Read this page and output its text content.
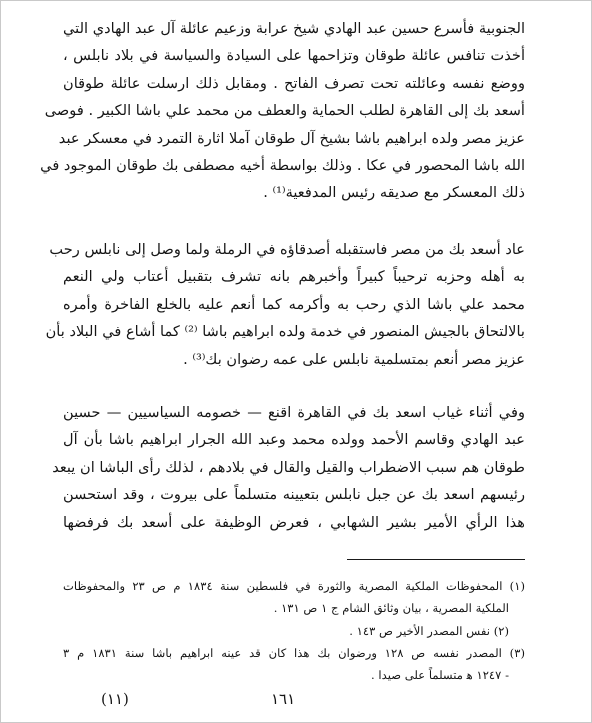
الجنوبية فأسرع حسين عبد الهادي شيخ عرابة وزعيم عائلة آل عبد الهادي التي
أخذت تنافس عائلة طوقان وتزاحمها على السيادة والسياسة في بلاد نابلس ،
ووضع نفسه وعائلته تحت تصرف الفاتح . ومقابل ذلك ارسلت عائلة طوقان
أسعد بك إلى القاهرة لطلب الحماية والعطف من محمد علي باشا الكبير . فوصى
عزيز مصر ولده ابراهيم باشا بشيخ آل طوقان آملا اثارة التمرد في معسكر عبد
الله باشا المحصور في عكا . وذلك بواسطة أخيه مصطفى بك طوقان الموجود في
ذلك المعسكر مع صديقه رئيس المدفعية⁽¹⁾ .
عاد أسعد بك من مصر فاستقبله أصدقاؤه في الرملة ولما وصل إلى نابلس رحب
به أهله وحزبه ترحيباً كبيراً وأخبرهم بانه تشرف بتقبيل أعتاب ولي النعم
محمد علي باشا الذي رحب به وأكرمه كما أنعم عليه بالخلع الفاخرة وأمره
بالالتحاق بالجيش المنصور في خدمة ولده ابراهيم باشا ⁽²⁾ كما أشاع في البلاد بأن
عزيز مصر أنعم بمتسلمية نابلس على عمه رضوان بك⁽³⁾ .
وفي أثناء غياب اسعد بك في القاهرة اقنع — خصومه السياسيين — حسين
عبد الهادي وقاسم الأحمد وولده محمد وعبد الله الجرار ابراهيم باشا بأن آل
طوقان هم سبب الاضطراب والقيل والقال في بلادهم ، لذلك رأى الباشا ان يبعد
رئيسهم اسعد بك عن جبل نابلس بتعيينه متسلماً على بيروت ، وقد استحسن
هذا الرأي الأمير بشير الشهابي ، فعرض الوظيفة على أسعد بك فرفضها
(١) المحفوظات الملكية المصرية والثورة في فلسطين سنة ١٨٣٤ م ص ٢٣ والمحفوظات
الملكية المصرية ، بيان وثائق الشام ج ١ ص ١٣١ .
(٢) نفس المصدر الأخير ص ١٤٣ .
(٣) المصدر نفسه ص ١٢٨ ورضوان بك هذا كان قد عينه ابراهيم باشا سنة ١٨٣١ م ٣
- ١٢٤٧ ﻫ متسلماً على صيدا .
(١١)	١٦١
